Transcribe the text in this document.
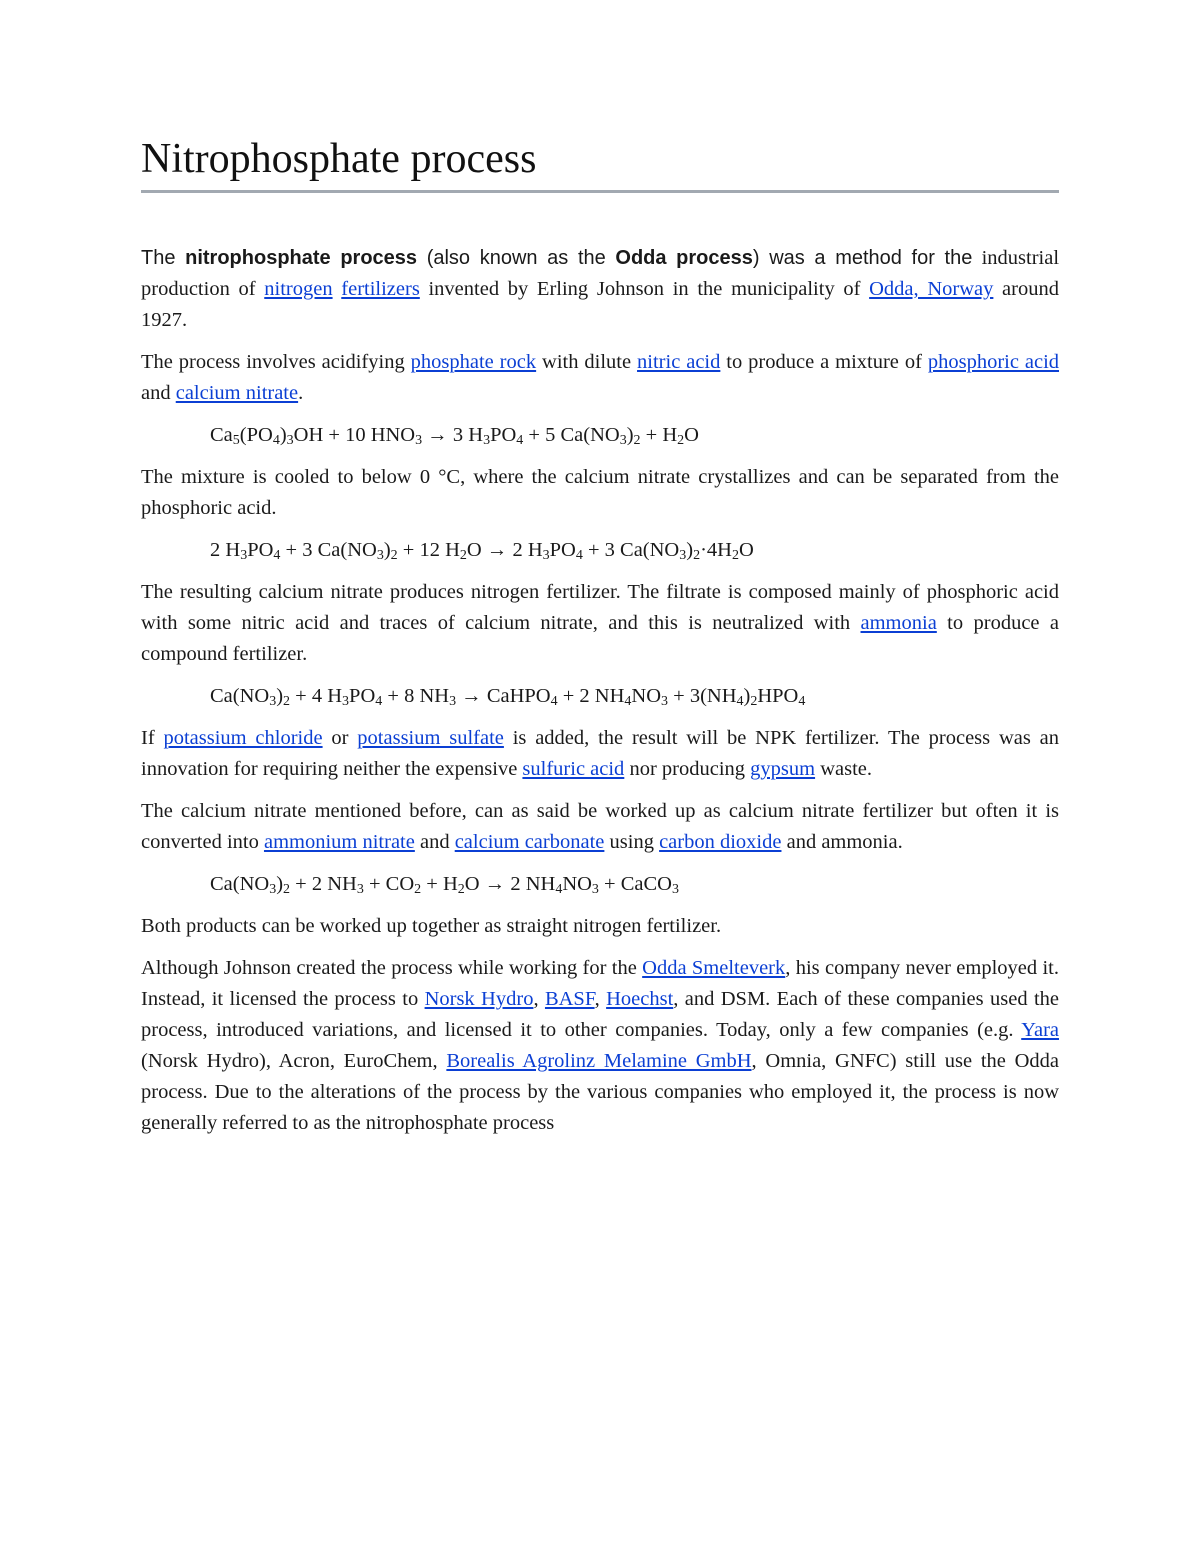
Nitrophosphate process

The nitrophosphate process (also known as the Odda process) was a method for the industrial production of nitrogen fertilizers invented by Erling Johnson in the municipality of Odda, Norway around 1927.

The process involves acidifying phosphate rock with dilute nitric acid to produce a mixture of phosphoric acid and calcium nitrate.

$Ca_5(PO_4)_3OH + 10$ $HNO_3 \to 3$ $H_3PO_4 + 5$ $Ca(NO_3)_2 + H_2O$

The mixture is cooled to below 0 °C, where the calcium nitrate crystallizes and can be separated from the phosphoric acid.

2 $H_3PO_4 + 3$ $Ca(NO_3)_2 + 12$ $H_2O \to 2$ $H_3PO_4 + 3$ $Ca(NO_3)_2\cdot 4H_2O$

The resulting calcium nitrate produces nitrogen fertilizer. The filtrate is composed mainly of phosphoric acid with some nitric acid and traces of calcium nitrate, and this is neutralized with ammonia to produce a compound fertilizer.

$Ca(NO_3)_2 + 4$ $H_3PO_4 + 8$ $NH_3$ → CaHPO$_4$ + 2 $NH_4NO_3 + 3(NH_4)_2HPO_4$

If potassium chloride or potassium sulfate is added, the result will be NPK fertilizer. The process was an innovation for requiring neither the expensive sulfuric acid nor producing gypsum waste.

The calcium nitrate mentioned before, can as said be worked up as calcium nitrate fertilizer but often it is converted into ammonium nitrate and calcium carbonate using carbon dioxide and ammonia.

$Ca(NO_3)_2 + 2$ $NH_3 + CO_2 + H_2O \to 2$ $NH_4NO_3$ + CaCO$_3$

Both products can be worked up together as straight nitrogen fertilizer.

Although Johnson created the process while working for the Odda Smelteverk, his company never employed it. Instead, it licensed the process to Norsk Hydro, BASF, Hoechst, and DSM. Each of these companies used the process, introduced variations, and licensed it to other companies. Today, only a few companies (e.g. Yara (Norsk Hydro), Acron, EuroChem, Borealis Agrolinz Melamine GmbH, Omnia, GNFC) still use the Odda process. Due to the alterations of the process by the various companies who employed it, the process is now generally referred to as the nitrophosphate process
